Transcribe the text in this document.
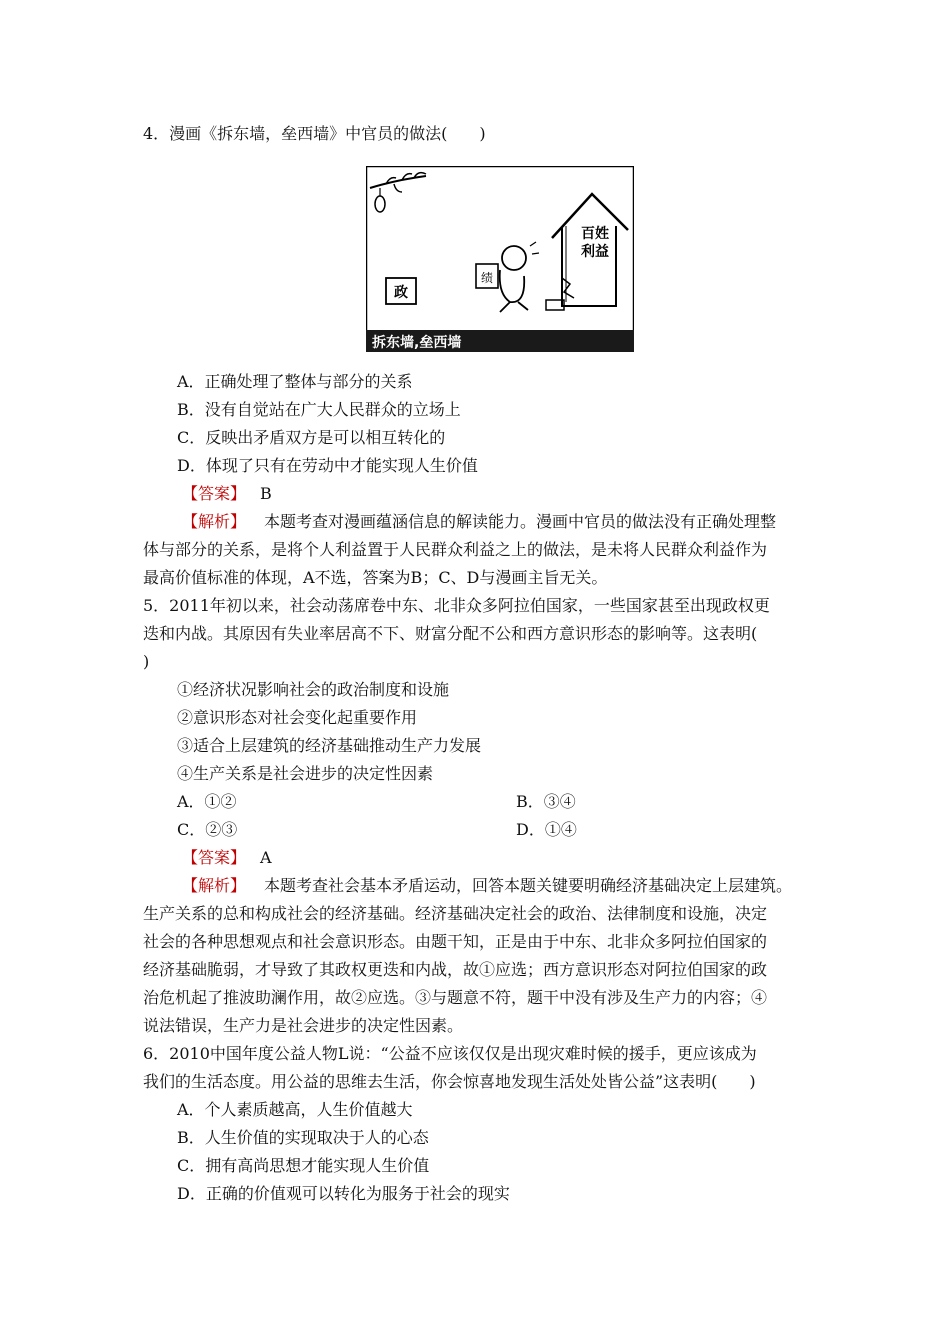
4．漫画《拆东墙，垒西墙》中官员的做法(　　)
百 姓
利益
政
绩
拆东墙,垒西墙
A．正确处理了整体与部分的关系
B．没有自觉站在广大人民群众的立场上
C．反映出矛盾双方是可以相互转化的
D．体现了只有在劳动中才能实现人生价值
【答案】 B
【解析】 本题考查对漫画蕴涵信息的解读能力。漫画中官员的做法没有正确处理整
体与部分的关系，是将个人利益置于人民群众利益之上的做法，是未将人民群众利益作为
最高价值标准的体现，A不选，答案为B；C、D与漫画主旨无关。
5．2011年初以来，社会动荡席卷中东、北非众多阿拉伯国家，一些国家甚至出现政权更
迭和内战。其原因有失业率居高不下、财富分配不公和西方意识形态的影响等。这表明(
)
①经济状况影响社会的政治制度和设施
②意识形态对社会变化起重要作用
③适合上层建筑的经济基础推动生产力发展
④生产关系是社会进步的决定性因素
A．①②	B．③④
C．②③	D．①④
【答案】 A
【解析】 本题考查社会基本矛盾运动，回答本题关键要明确经济基础决定上层建筑。
生产关系的总和构成社会的经济基础。经济基础决定社会的政治、法律制度和设施，决定
社会的各种思想观点和社会意识形态。由题干知，正是由于中东、北非众多阿拉伯国家的
经济基础脆弱，才导致了其政权更迭和内战，故①应选；西方意识形态对阿拉伯国家的政
治危机起了推波助澜作用，故②应选。③与题意不符，题干中没有涉及生产力的内容；④
说法错误，生产力是社会进步的决定性因素。
6．2010中国年度公益人物L说：“公益不应该仅仅是出现灾难时候的援手，更应该成为
我们的生活态度。用公益的思维去生活，你会惊喜地发现生活处处皆公益”这表明(　　)
A．个人素质越高，人生价值越大
B．人生价值的实现取决于人的心态
C．拥有高尚思想才能实现人生价值
D．正确的价值观可以转化为服务于社会的现实
